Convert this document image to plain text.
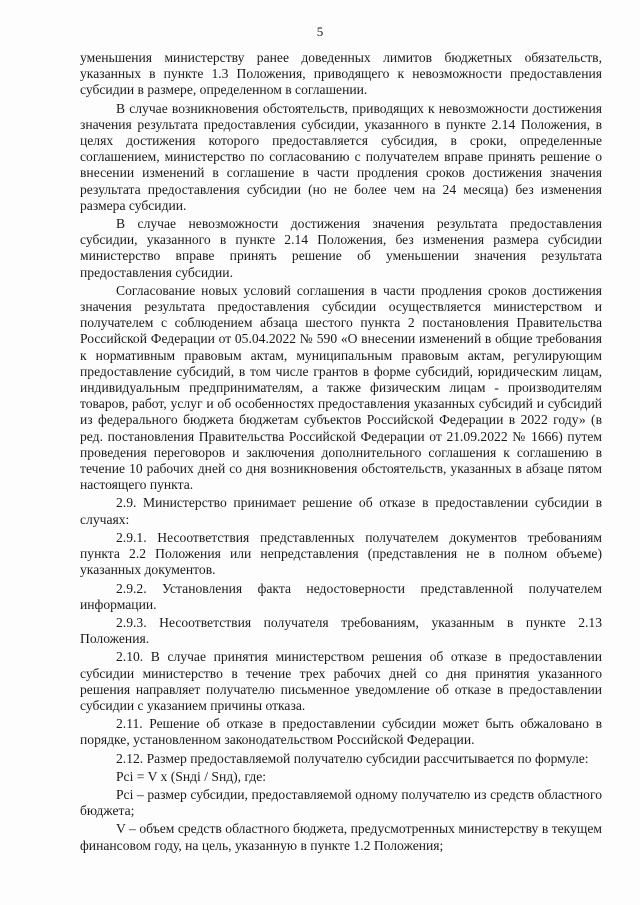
5

уменьшения министерству ранее доведенных лимитов бюджетных обязательств, указанных в пункте 1.3 Положения, приводящего к невозможности предоставления субсидии в размере, определенном в соглашении.

В случае возникновения обстоятельств, приводящих к невозможности достижения значения результата предоставления субсидии, указанного в пункте 2.14 Положения, в целях достижения которого предоставляется субсидия, в сроки, определенные соглашением, министерство по согласованию с получателем вправе принять решение о внесении изменений в соглашение в части продления сроков достижения значения результата предоставления субсидии (но не более чем на 24 месяца) без изменения размера субсидии.

В случае невозможности достижения значения результата предоставления субсидии, указанного в пункте 2.14 Положения, без изменения размера субсидии министерство вправе принять решение об уменьшении значения результата предоставления субсидии.

Согласование новых условий соглашения в части продления сроков достижения значения результата предоставления субсидии осуществляется министерством и получателем с соблюдением абзаца шестого пункта 2 постановления Правительства Российской Федерации от 05.04.2022 № 590 «О внесении изменений в общие требования к нормативным правовым актам, муниципальным правовым актам, регулирующим предоставление субсидий, в том числе грантов в форме субсидий, юридическим лицам, индивидуальным предпринимателям, а также физическим лицам - производителям товаров, работ, услуг и об особенностях предоставления указанных субсидий и субсидий из федерального бюджета бюджетам субъектов Российской Федерации в 2022 году» (в ред. постановления Правительства Российской Федерации от 21.09.2022 № 1666) путем проведения переговоров и заключения дополнительного соглашения к соглашению в течение 10 рабочих дней со дня возникновения обстоятельств, указанных в абзаце пятом настоящего пункта.

2.9. Министерство принимает решение об отказе в предоставлении субсидии в случаях:

2.9.1. Несоответствия представленных получателем документов требованиям пункта 2.2 Положения или непредставления (представления не в полном объеме) указанных документов.

2.9.2. Установления факта недостоверности представленной получателем информации.

2.9.3. Несоответствия получателя требованиям, указанным в пункте 2.13 Положения.

2.10. В случае принятия министерством решения об отказе в предоставлении субсидии министерство в течение трех рабочих дней со дня принятия указанного решения направляет получателю письменное уведомление об отказе в предоставлении субсидии с указанием причины отказа.

2.11. Решение об отказе в предоставлении субсидии может быть обжаловано в порядке, установленном законодательством Российской Федерации.

2.12. Размер предоставляемой получателю субсидии рассчитывается по формуле:

Pci = V x (Sнді / Sнд), где:

Pci – размер субсидии, предоставляемой одному получателю из средств областного бюджета;

V – объем средств областного бюджета, предусмотренных министерству в текущем финансовом году, на цель, указанную в пункте 1.2 Положения;
